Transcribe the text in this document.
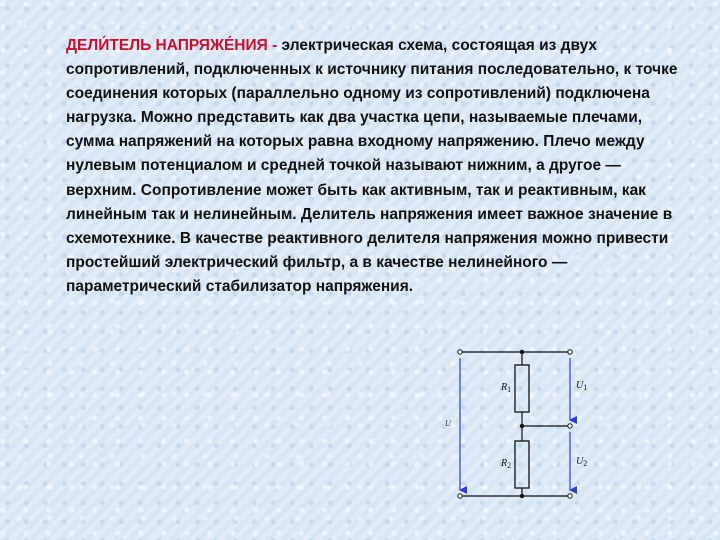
ДЕЛИ́ТЕЛЬ НАПРЯЖЕ́НИЯ - электрическая схема, состоящая из двух сопротивлений, подключенных к источнику питания последовательно, к точке соединения которых (параллельно одному из сопротивлений) подключена нагрузка. Можно представить как два участка цепи, называемые плечами, сумма напряжений на которых равна входному напряжению. Плечо между нулевым потенциалом и средней точкой называют нижним, а другое — верхним. Сопротивление может быть как активным, так и реактивным, как линейным так и нелинейным. Делитель напряжения имеет важное значение в схемотехнике. В качестве реактивного делителя напряжения можно привести простейший электрический фильтр, а в качестве нелинейного — параметрический стабилизатор напряжения.
$R_1$
$R_2$
U
$U_1$
$U_2$
